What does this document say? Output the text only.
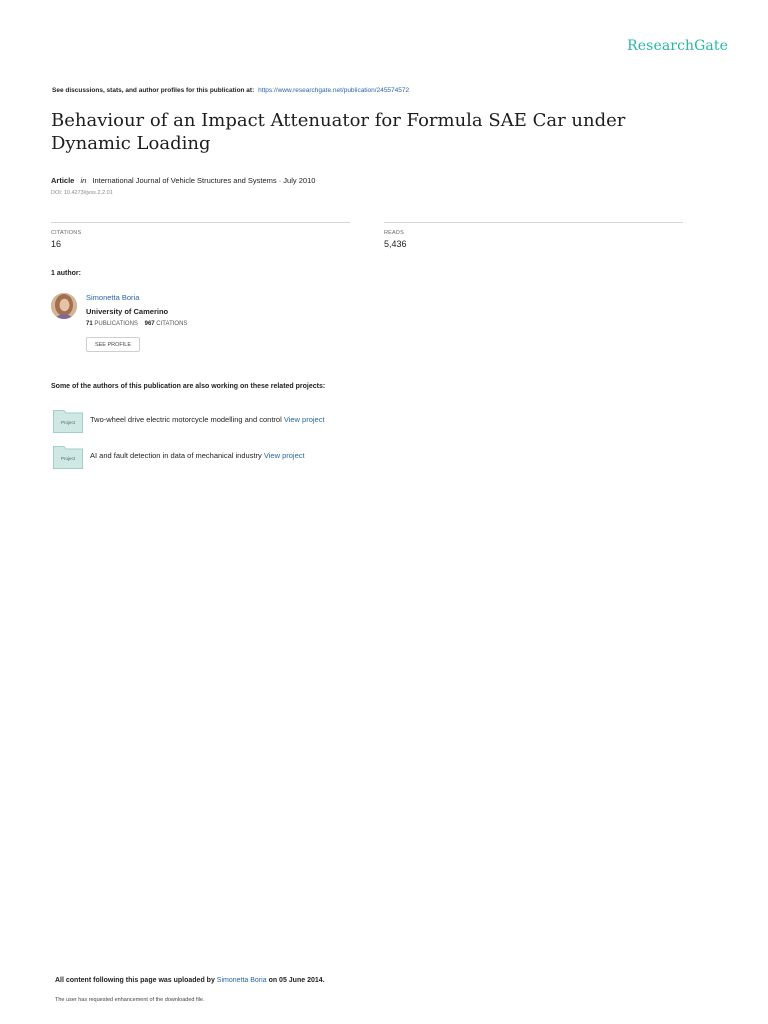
ResearchGate
See discussions, stats, and author profiles for this publication at: https://www.researchgate.net/publication/245574572
Behaviour of an Impact Attenuator for Formula SAE Car under Dynamic Loading
Article in International Journal of Vehicle Structures and Systems · July 2010
DOI: 10.4273/ijvss.2.2.01
CITATIONS
16
READS
5,436
1 author:
Simonetta Boria
University of Camerino
71 PUBLICATIONS 967 CITATIONS
SEE PROFILE
Some of the authors of this publication are also working on these related projects:
Project Two-wheel drive electric motorcycle modelling and control View project
Project AI and fault detection in data of mechanical industry View project
All content following this page was uploaded by Simonetta Boria on 05 June 2014.
The user has requested enhancement of the downloaded file.
